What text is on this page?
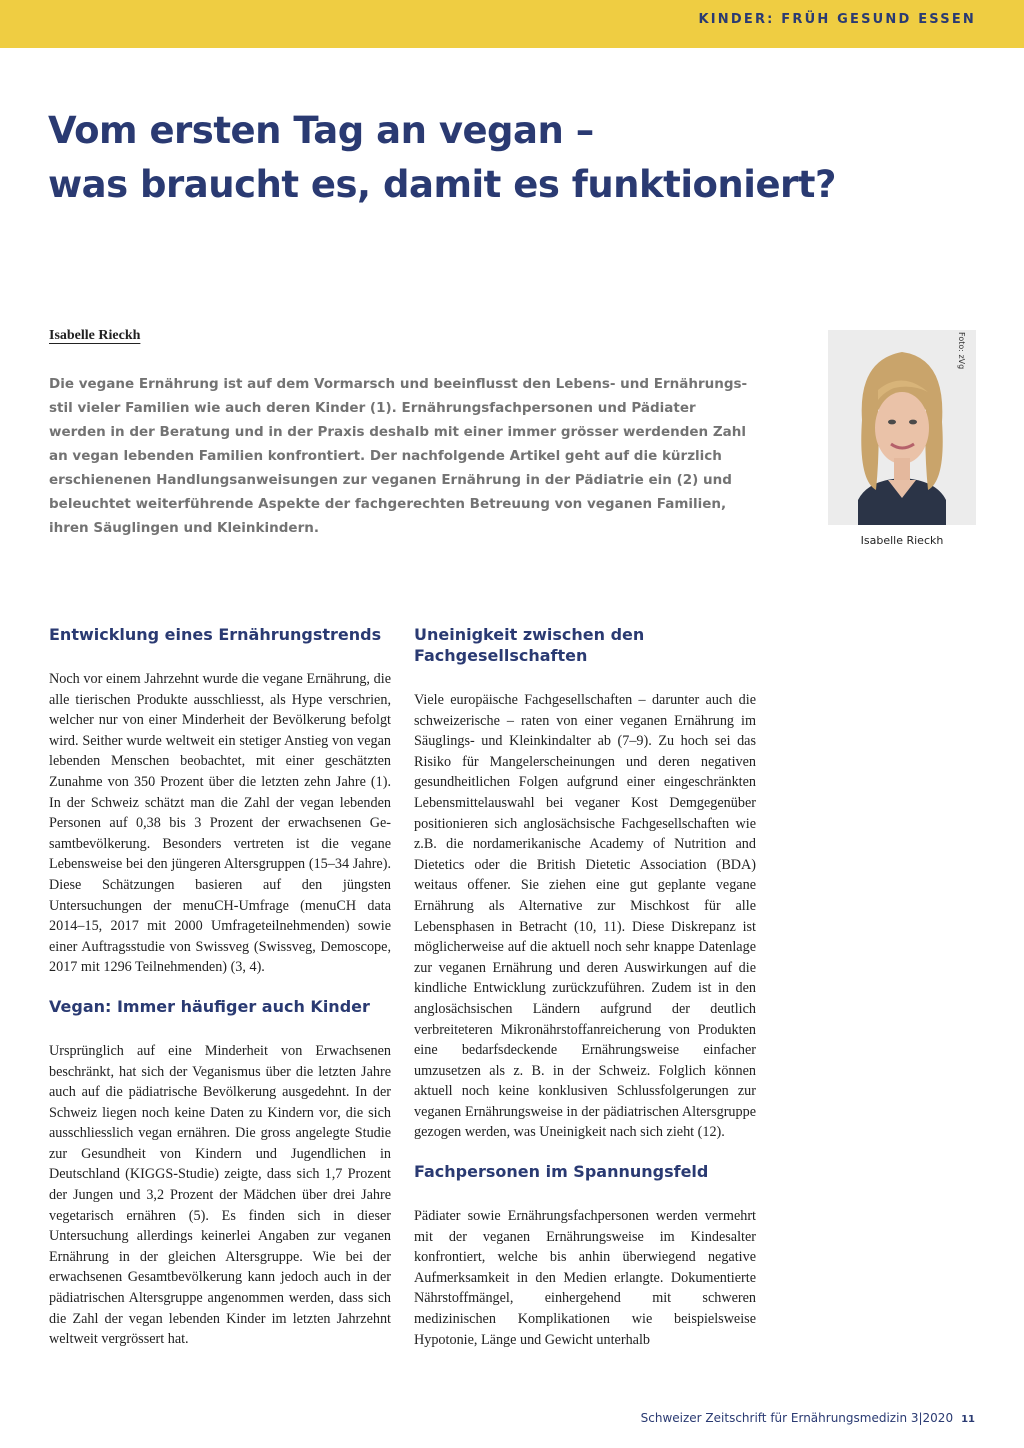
KINDER: FRÜH GESUND ESSEN
Vom ersten Tag an vegan –
was braucht es, damit es funktioniert?
Isabelle Rieckh

Die vegane Ernährung ist auf dem Vormarsch und beeinflusst den Lebens- und Ernährungsstil vieler Familien wie auch deren Kinder (1). Ernährungsfachpersonen und Pädiater werden in der Beratung und in der Praxis deshalb mit einer immer grösser werdenden Zahl an vegan lebenden Familien konfrontiert. Der nachfolgende Artikel geht auf die kürzlich erschienenen Handlungsanweisungen zur veganen Ernährung in der Pädiatrie ein (2) und beleuchtet weiterführende Aspekte der fachgerechten Betreuung von veganen Familien, ihren Säuglingen und Kleinkindern.

Foto: zVg
Isabelle Rieckh
Entwicklung eines Ernährungstrends

Noch vor einem Jahrzehnt wurde die vegane Ernährung, die alle tierischen Produkte ausschliesst, als Hype verschrien, welcher nur von einer Minderheit der Bevölkerung befolgt wird. Seither wurde weltweit ein stetiger Anstieg von vegan lebenden Menschen beobachtet, mit einer geschätzten Zunahme von 350 Prozent über die letzten zehn Jahre (1). In der Schweiz schätzt man die Zahl der vegan lebenden Personen auf 0,38 bis 3 Prozent der erwachsenen Gesamtbevölkerung. Besonders vertreten ist die vegane Lebensweise bei den jüngeren Altersgruppen (15–34 Jahre). Diese Schätzungen basieren auf den jüngsten Untersuchungen der menuCH-Umfrage (menuCH data 2014–15, 2017 mit 2000 Umfrageteilnehmenden) sowie einer Auftragsstudie von Swissveg (Swissveg, Demoscope, 2017 mit 1296 Teilnehmenden) (3, 4).

Vegan: Immer häufiger auch Kinder

Ursprünglich auf eine Minderheit von Erwachsenen beschränkt, hat sich der Veganismus über die letzten Jahre auch auf die pädiatrische Bevölkerung ausgedehnt. In der Schweiz liegen noch keine Daten zu Kindern vor, die sich ausschliesslich vegan ernähren. Die gross angelegte Studie zur Gesundheit von Kindern und Jugendlichen in Deutschland (KIGGS-Studie) zeigte, dass sich 1,7 Prozent der Jungen und 3,2 Prozent der Mädchen über drei Jahre vegetarisch ernähren (5). Es finden sich in dieser Untersuchung allerdings keinerlei Angaben zur veganen Ernährung in der gleichen Altersgruppe. Wie bei der erwachsenen Gesamtbevölkerung kann jedoch auch in der pädiatrischen Altersgruppe angenommen werden, dass sich die Zahl der vegan lebenden Kinder im letzten Jahrzehnt weltweit vergrössert hat.

Uneinigkeit zwischen den Fachgesellschaften

Viele europäische Fachgesellschaften – darunter auch die schweizerische – raten von einer veganen Ernährung im Säuglings- und Kleinkindalter ab (7–9). Zu hoch sei das Risiko für Mangelerscheinungen und deren negativen gesundheitlichen Folgen aufgrund einer eingeschränkten Lebensmittelauswahl bei veganer Kost Demgegenüber positionieren sich anglosächsische Fachgesellschaften wie z.B. die nordamerikanische Academy of Nutrition and Dietetics oder die British Dietetic Association (BDA) weitaus offener. Sie ziehen eine gut geplante vegane Ernährung als Alternative zur Mischkost für alle Lebensphasen in Betracht (10, 11). Diese Diskrepanz ist möglicherweise auf die aktuell noch sehr knappe Datenlage zur veganen Ernährung und deren Auswirkungen auf die kindliche Entwicklung zurückzuführen. Zudem ist in den anglosächsischen Ländern aufgrund der deutlich verbreiteteren Mikronährstoffanreicherung von Produkten eine bedarfsdeckende Ernährungsweise einfacher umzusetzen als z. B. in der Schweiz. Folglich können aktuell noch keine konklusiven Schlussfolgerungen zur veganen Ernährungsweise in der pädiatrischen Altersgruppe gezogen werden, was Uneinigkeit nach sich zieht (12).

Fachpersonen im Spannungsfeld

Pädiater sowie Ernährungsfachpersonen werden vermehrt mit der veganen Ernährungsweise im Kindesalter konfrontiert, welche bis anhin überwiegend negative Aufmerksamkeit in den Medien erlangte. Dokumentierte Nährstoffmängel, einhergehend mit schweren medizinischen Komplikationen wie beispielsweise Hypotonie, Länge und Gewicht unterhalb

Schweizer Zeitschrift für Ernährungsmedizin 3|2020 11
